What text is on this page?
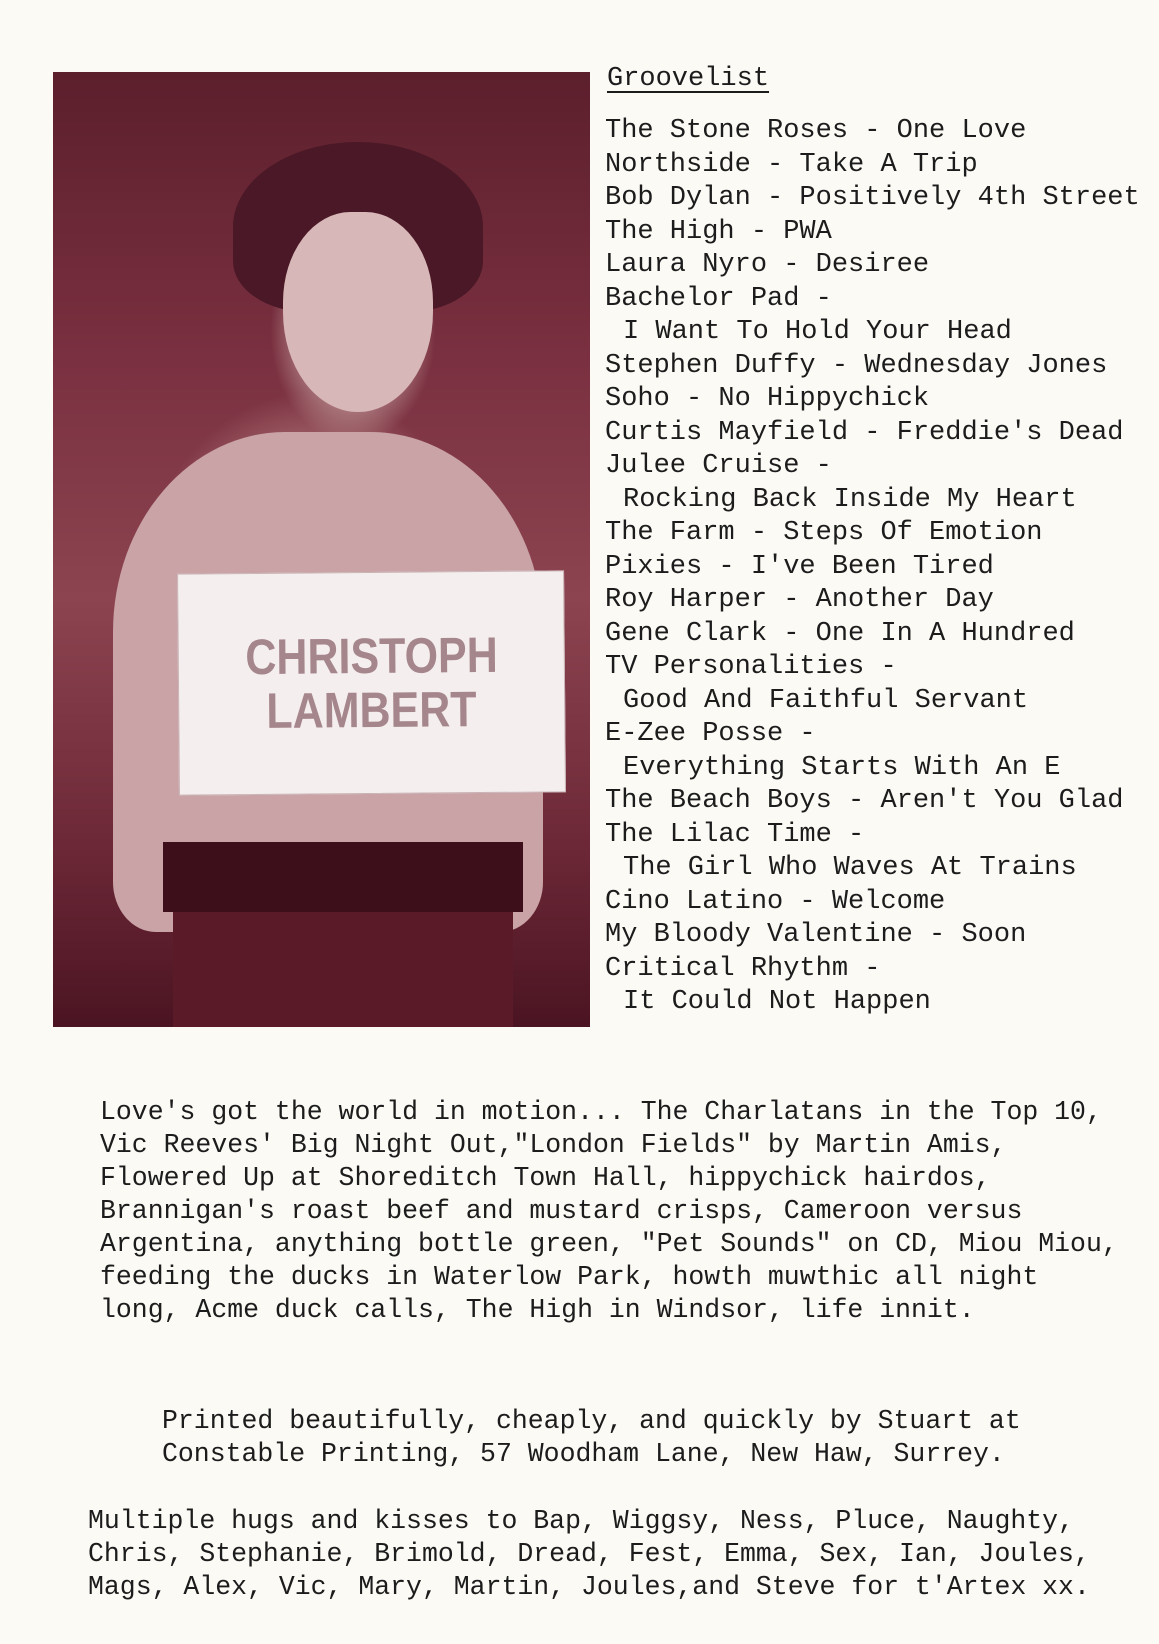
CHRISTOPH
LAMBERT
Groovelist
The Stone Roses - One Love
Northside - Take A Trip
Bob Dylan - Positively 4th Street
The High - PWA
Laura Nyro - Desiree
Bachelor Pad -
I Want To Hold Your Head
Stephen Duffy - Wednesday Jones
Soho - No Hippychick
Curtis Mayfield - Freddie's Dead
Julee Cruise -
Rocking Back Inside My Heart
The Farm - Steps Of Emotion
Pixies - I've Been Tired
Roy Harper - Another Day
Gene Clark - One In A Hundred
TV Personalities -
Good And Faithful Servant
E-Zee Posse -
Everything Starts With An E
The Beach Boys - Aren't You Glad
The Lilac Time -
The Girl Who Waves At Trains
Cino Latino - Welcome
My Bloody Valentine - Soon
Critical Rhythm -
It Could Not Happen

Love's got the world in motion... The Charlatans in the Top 10, Vic Reeves' Big Night Out,"London Fields" by Martin Amis, Flowered Up at Shoreditch Town Hall, hippychick hairdos, Brannigan's roast beef and mustard crisps, Cameroon versus Argentina, anything bottle green, "Pet Sounds" on CD, Miou Miou, feeding the ducks in Waterlow Park, howth muwthic all night long, Acme duck calls, The High in Windsor, life innit.

Printed beautifully, cheaply, and quickly by Stuart at Constable Printing, 57 Woodham Lane, New Haw, Surrey.

Multiple hugs and kisses to Bap, Wiggsy, Ness, Pluce, Naughty, Chris, Stephanie, Brimold, Dread, Fest, Emma, Sex, Ian, Joules, Mags, Alex, Vic, Mary, Martin, Joules,and Steve for t'Artex xx.
